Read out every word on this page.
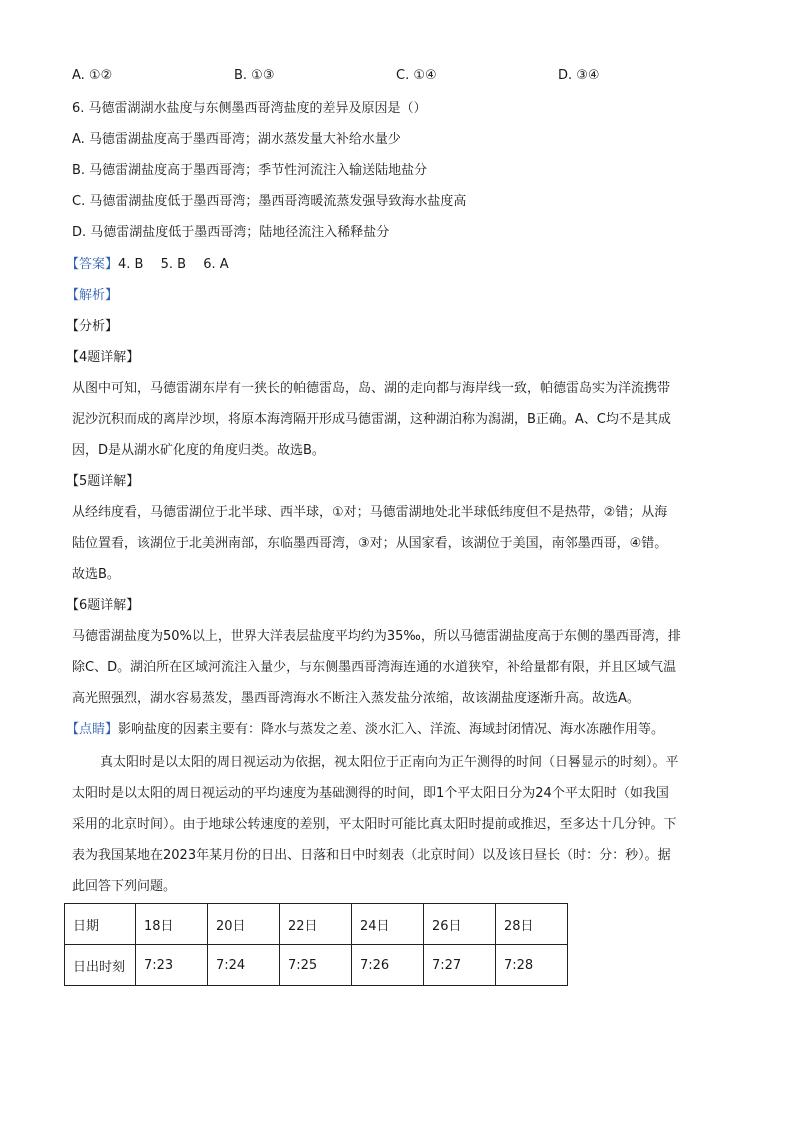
A. ①②	B. ①③	C. ①④	D. ③④
6. 马德雷湖湖水盐度与东侧墨西哥湾盐度的差异及原因是（）
A. 马德雷湖盐度高于墨西哥湾；湖水蒸发量大补给水量少
B. 马德雷湖盐度高于墨西哥湾；季节性河流注入输送陆地盐分
C. 马德雷湖盐度低于墨西哥湾；墨西哥湾暖流蒸发强导致海水盐度高
D. 马德雷湖盐度低于墨西哥湾；陆地径流注入稀释盐分
【答案】4. B　 5. B　 6. A
【解析】
【分析】
【4题详解】
从图中可知，马德雷湖东岸有一狭长的帕德雷岛，岛、湖的走向都与海岸线一致，帕德雷岛实为洋流携带
泥沙沉积而成的离岸沙坝，将原本海湾隔开形成马德雷湖，这种湖泊称为潟湖，B正确。A、C均不是其成
因，D是从湖水矿化度的角度归类。故选B。
【5题详解】
从经纬度看，马德雷湖位于北半球、西半球，①对；马德雷湖地处北半球低纬度但不是热带，②错；从海
陆位置看，该湖位于北美洲南部，东临墨西哥湾，③对；从国家看，该湖位于美国，南邻墨西哥，④错。
故选B。
【6题详解】
马德雷湖盐度为50%以上，世界大洋表层盐度平均约为35‰，所以马德雷湖盐度高于东侧的墨西哥湾，排
除C、D。湖泊所在区域河流注入量少，与东侧墨西哥湾海连通的水道狭窄，补给量都有限，并且区域气温
高光照强烈，湖水容易蒸发，墨西哥湾海水不断注入蒸发盐分浓缩，故该湖盐度逐渐升高。故选A。
【点睛】影响盐度的因素主要有：降水与蒸发之差、淡水汇入、洋流、海域封闭情况、海水冻融作用等。
真太阳时是以太阳的周日视运动为依据，视太阳位于正南向为正午测得的时间（日晷显示的时刻）。平
太阳时是以太阳的周日视运动的平均速度为基础测得的时间，即1个平太阳日分为24个平太阳时（如我国
采用的北京时间）。由于地球公转速度的差别，平太阳时可能比真太阳时提前或推迟，至多达十几分钟。下
表为我国某地在2023年某月份的日出、日落和日中时刻表（北京时间）以及该日昼长（时：分：秒）。据
此回答下列问题。
日期	18日	20日	22日	24日	26日	28日
日出时刻	7:23	7:24	7:25	7:26	7:27	7:28
